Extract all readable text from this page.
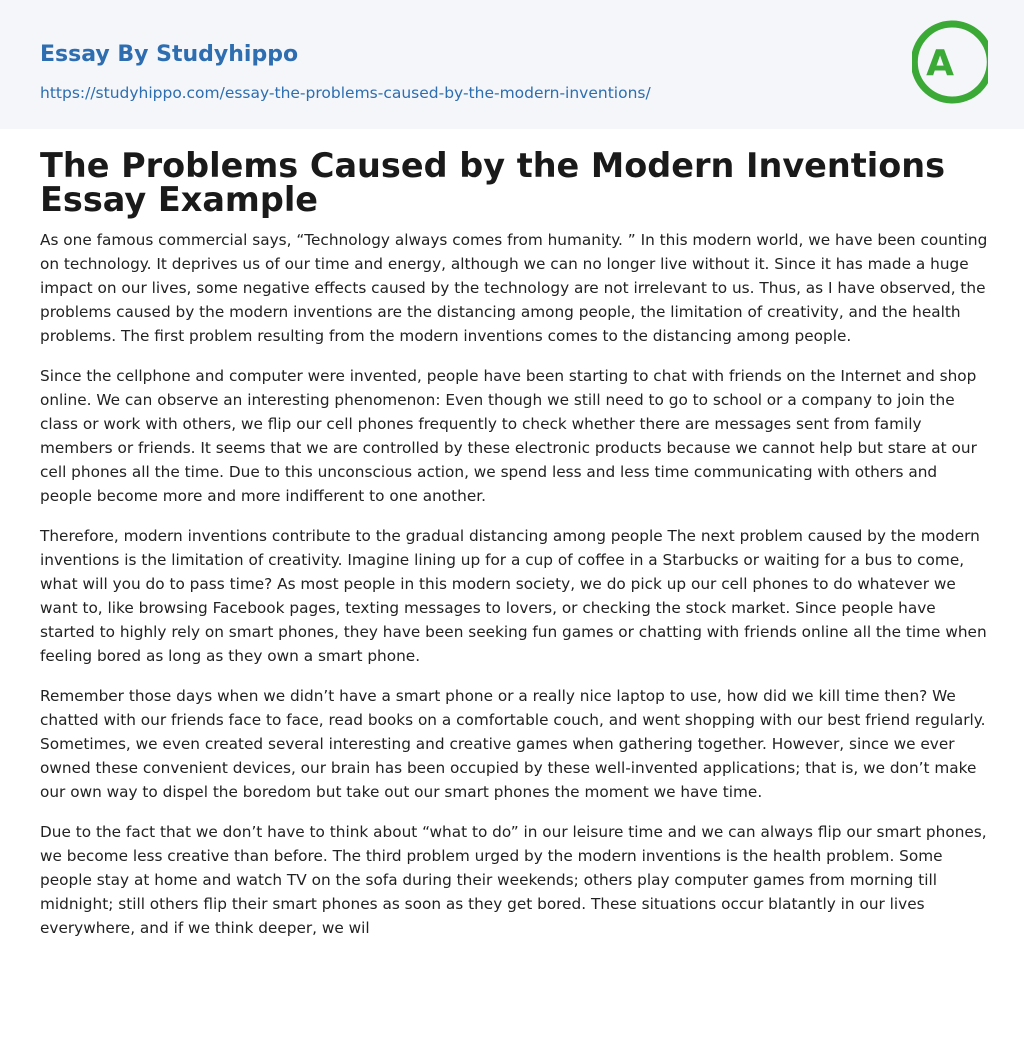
Essay By Studyhippo
https://studyhippo.com/essay-the-problems-caused-by-the-modern-inventions/
A
The Problems Caused by the Modern Inventions Essay Example

As one famous commercial says, “Technology always comes from humanity. ” In this modern world, we have been counting on technology. It deprives us of our time and energy, although we can no longer live without it. Since it has made a huge impact on our lives, some negative effects caused by the technology are not irrelevant to us. Thus, as I have observed, the problems caused by the modern inventions are the distancing among people, the limitation of creativity, and the health problems. The first problem resulting from the modern inventions comes to the distancing among people.

Since the cellphone and computer were invented, people have been starting to chat with friends on the Internet and shop online. We can observe an interesting phenomenon: Even though we still need to go to school or a company to join the class or work with others, we flip our cell phones frequently to check whether there are messages sent from family members or friends. It seems that we are controlled by these electronic products because we cannot help but stare at our cell phones all the time. Due to this unconscious action, we spend less and less time communicating with others and people become more and more indifferent to one another.

Therefore, modern inventions contribute to the gradual distancing among people The next problem caused by the modern inventions is the limitation of creativity. Imagine lining up for a cup of coffee in a Starbucks or waiting for a bus to come, what will you do to pass time? As most people in this modern society, we do pick up our cell phones to do whatever we want to, like browsing Facebook pages, texting messages to lovers, or checking the stock market. Since people have started to highly rely on smart phones, they have been seeking fun games or chatting with friends online all the time when feeling bored as long as they own a smart phone.

Remember those days when we didn’t have a smart phone or a really nice laptop to use, how did we kill time then? We chatted with our friends face to face, read books on a comfortable couch, and went shopping with our best friend regularly. Sometimes, we even created several interesting and creative games when gathering together. However, since we ever owned these convenient devices, our brain has been occupied by these well-invented applications; that is, we don’t make our own way to dispel the boredom but take out our smart phones the moment we have time.

Due to the fact that we don’t have to think about “what to do” in our leisure time and we can always flip our smart phones, we become less creative than before. The third problem urged by the modern inventions is the health problem. Some people stay at home and watch TV on the sofa during their weekends; others play computer games from morning till midnight; still others flip their smart phones as soon as they get bored. These situations occur blatantly in our lives everywhere, and if we think deeper, we wil
